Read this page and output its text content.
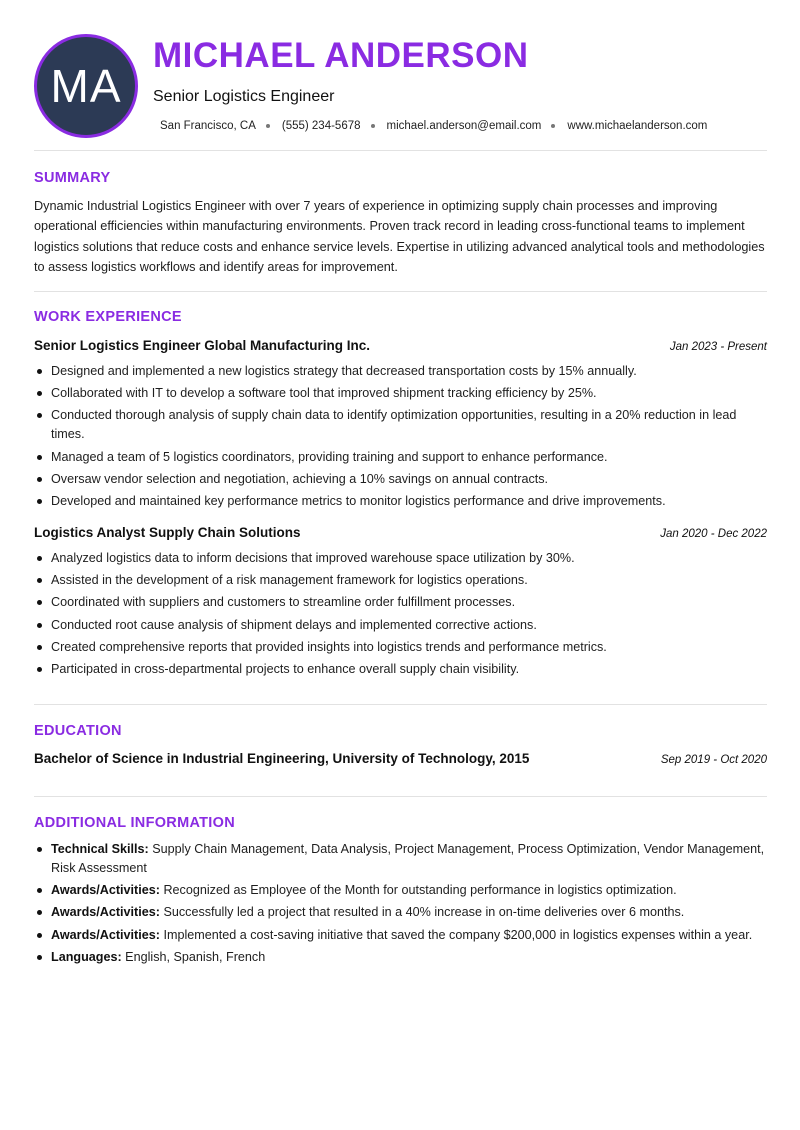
MA
MICHAEL ANDERSON
Senior Logistics Engineer
San Francisco, CA (555) 234-5678 michael.anderson@email.com www.michaelanderson.com
SUMMARY
Dynamic Industrial Logistics Engineer with over 7 years of experience in optimizing supply chain processes and improving operational efficiencies within manufacturing environments. Proven track record in leading cross-functional teams to implement logistics solutions that reduce costs and enhance service levels. Expertise in utilizing advanced analytical tools and methodologies to assess logistics workflows and identify areas for improvement.
WORK EXPERIENCE
Senior Logistics Engineer Global Manufacturing Inc.	Jan 2023 - Present
Designed and implemented a new logistics strategy that decreased transportation costs by 15% annually.
Collaborated with IT to develop a software tool that improved shipment tracking efficiency by 25%.
Conducted thorough analysis of supply chain data to identify optimization opportunities, resulting in a 20% reduction in lead times.
Managed a team of 5 logistics coordinators, providing training and support to enhance performance.
Oversaw vendor selection and negotiation, achieving a 10% savings on annual contracts.
Developed and maintained key performance metrics to monitor logistics performance and drive improvements.
Logistics Analyst Supply Chain Solutions	Jan 2020 - Dec 2022
Analyzed logistics data to inform decisions that improved warehouse space utilization by 30%.
Assisted in the development of a risk management framework for logistics operations.
Coordinated with suppliers and customers to streamline order fulfillment processes.
Conducted root cause analysis of shipment delays and implemented corrective actions.
Created comprehensive reports that provided insights into logistics trends and performance metrics.
Participated in cross-departmental projects to enhance overall supply chain visibility.
EDUCATION
Bachelor of Science in Industrial Engineering, University of Technology, 2015	Sep 2019 - Oct 2020
ADDITIONAL INFORMATION
Technical Skills: Supply Chain Management, Data Analysis, Project Management, Process Optimization, Vendor Management, Risk Assessment
Awards/Activities: Recognized as Employee of the Month for outstanding performance in logistics optimization.
Awards/Activities: Successfully led a project that resulted in a 40% increase in on-time deliveries over 6 months.
Awards/Activities: Implemented a cost-saving initiative that saved the company $200,000 in logistics expenses within a year.
Languages: English, Spanish, French
